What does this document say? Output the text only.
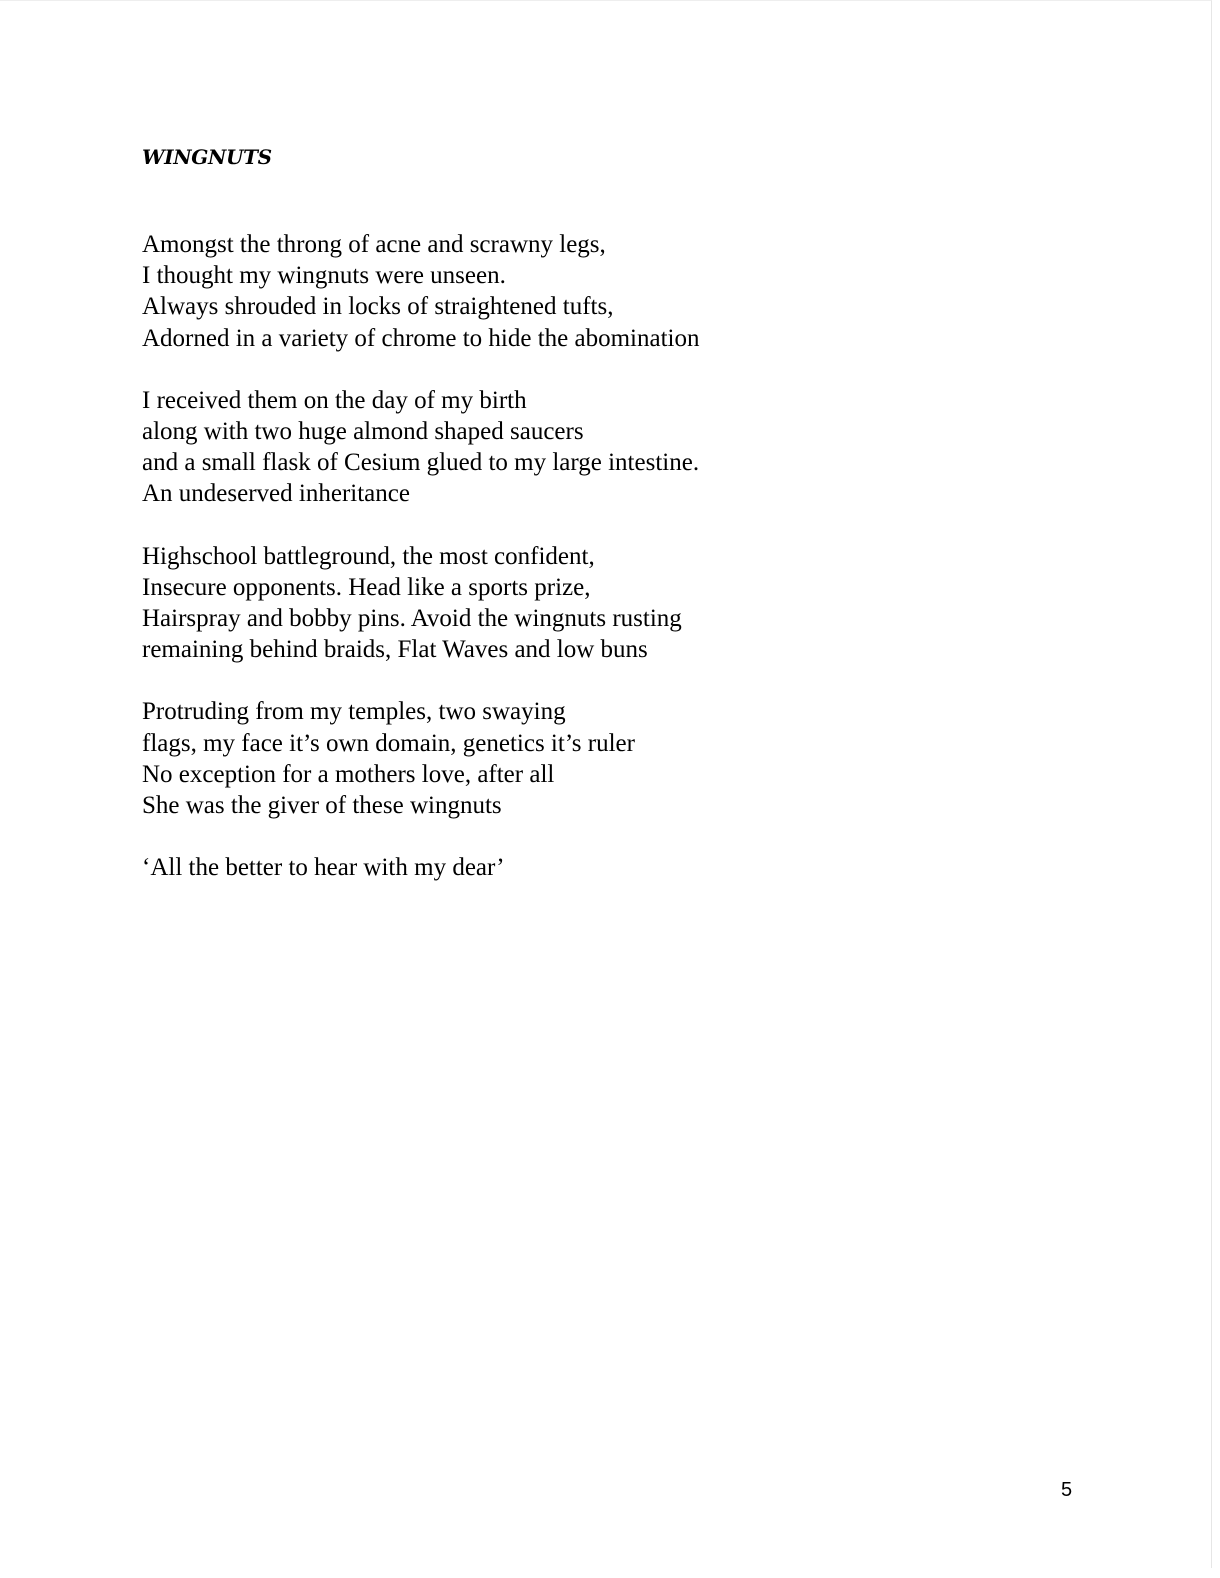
WINGNUTS
Amongst the throng of acne and scrawny legs,
I thought my wingnuts were unseen.
Always shrouded in locks of straightened tufts,
Adorned in a variety of chrome to hide the abomination
I received them on the day of my birth
along with two huge almond shaped saucers
and a small flask of Cesium glued to my large intestine.
An undeserved inheritance
Highschool battleground, the most confident,
Insecure opponents. Head like a sports prize,
Hairspray and bobby pins. Avoid the wingnuts rusting
remaining behind braids, Flat Waves and low buns
Protruding from my temples, two swaying
flags, my face it’s own domain, genetics it’s ruler
No exception for a mothers love, after all
She was the giver of these wingnuts
‘All the better to hear with my dear’
5
